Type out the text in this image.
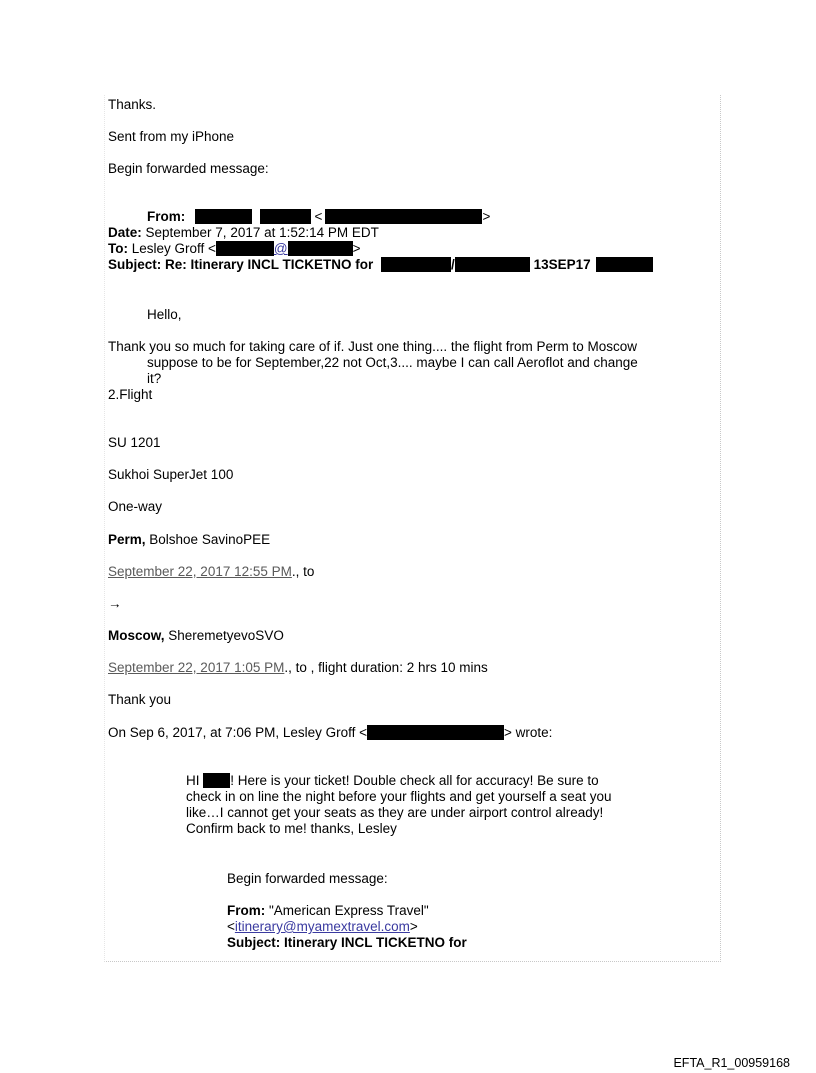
Thanks.
Sent from my iPhone
Begin forwarded message:
From:	<	>
Date: September 7, 2017 at 1:52:14 PM EDT
To: Lesley Groff <	@	>
Subject: Re: Itinerary INCL TICKETNO for	/	13SEP17
Hello,
Thank you so much for taking care of if. Just one thing.... the flight from Perm to Moscow
suppose to be for September,22 not Oct,3.... maybe I can call Aeroflot and change
it?
2.Flight
SU 1201
Sukhoi SuperJet 100
One-way
Perm, Bolshoe SavinoPEE
September 22, 2017 12:55 PM., to
→
Moscow, SheremetyevoSVO
September 22, 2017 1:05 PM., to , flight duration: 2 hrs 10 mins
Thank you
On Sep 6, 2017, at 7:06 PM, Lesley Groff <	> wrote:
HI ! Here is your ticket! Double check all for accuracy! Be sure to
check in on line the night before your flights and get yourself a seat you
like…I cannot get your seats as they are under airport control already!
Confirm back to me! thanks, Lesley
Begin forwarded message:
From: "American Express Travel"
<itinerary@myamextravel.com>
Subject: Itinerary INCL TICKETNO for
EFTA_R1_00959168
